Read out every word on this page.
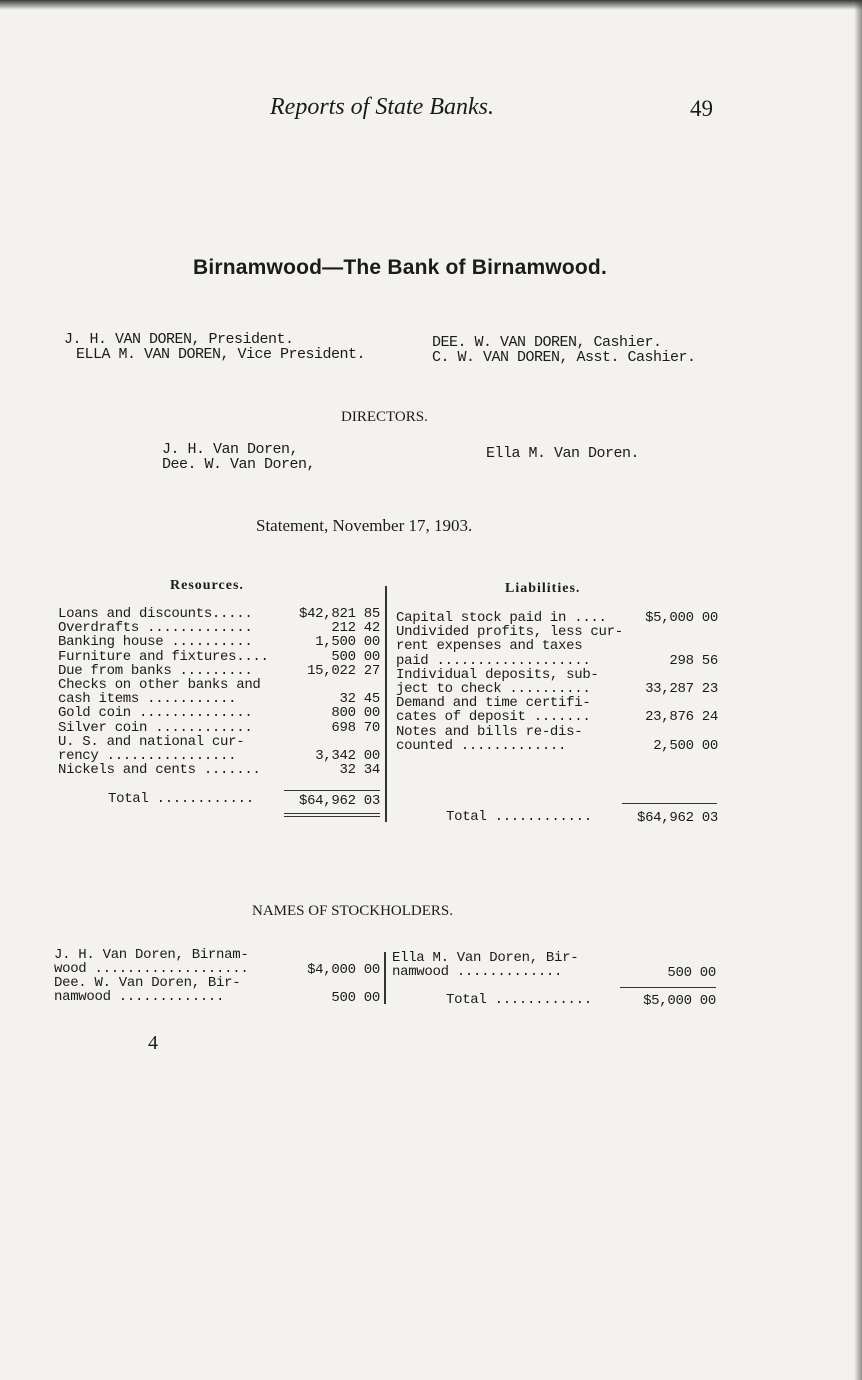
Reports of State Banks.	49
Birnamwood—The Bank of Birnamwood.
J. H. VAN DOREN, President.
ELLA M. VAN DOREN, Vice President.
DEE. W. VAN DOREN, Cashier.
C. W. VAN DOREN, Asst. Cashier.
DIRECTORS.
J. H. Van Doren,
Dee. W. Van Doren,
Ella M. Van Doren.
Statement, November 17, 1903.
Resources.
Loans and discounts.....	$42,821 85
Overdrafts .............	212 42
Banking house ..........	1,500 00
Furniture and fixtures....	500 00
Due from banks .........	15,022 27
Checks on other banks and
cash items ...........	32 45
Gold coin ..............	800 00
Silver coin ............	698 70
U. S. and national cur-
rency ................	3,342 00
Nickels and cents .......	32 34
Total ............	$64,962 03
Liabilities.
Capital stock paid in ....	$5,000 00
Undivided profits, less cur-
rent expenses and taxes
paid ...................	298 56
Individual deposits, sub-
ject to check ..........	33,287 23
Demand and time certifi-
cates of deposit .......	23,876 24
Notes and bills re-dis-
counted .............	2,500 00
Total ............	$64,962 03
NAMES OF STOCKHOLDERS.
J. H. Van Doren, Birnam-
wood ...................	$4,000 00
Dee. W. Van Doren, Bir-
namwood .............	500 00
Ella M. Van Doren, Bir-
namwood .............	500 00
Total ............	$5,000 00
4
